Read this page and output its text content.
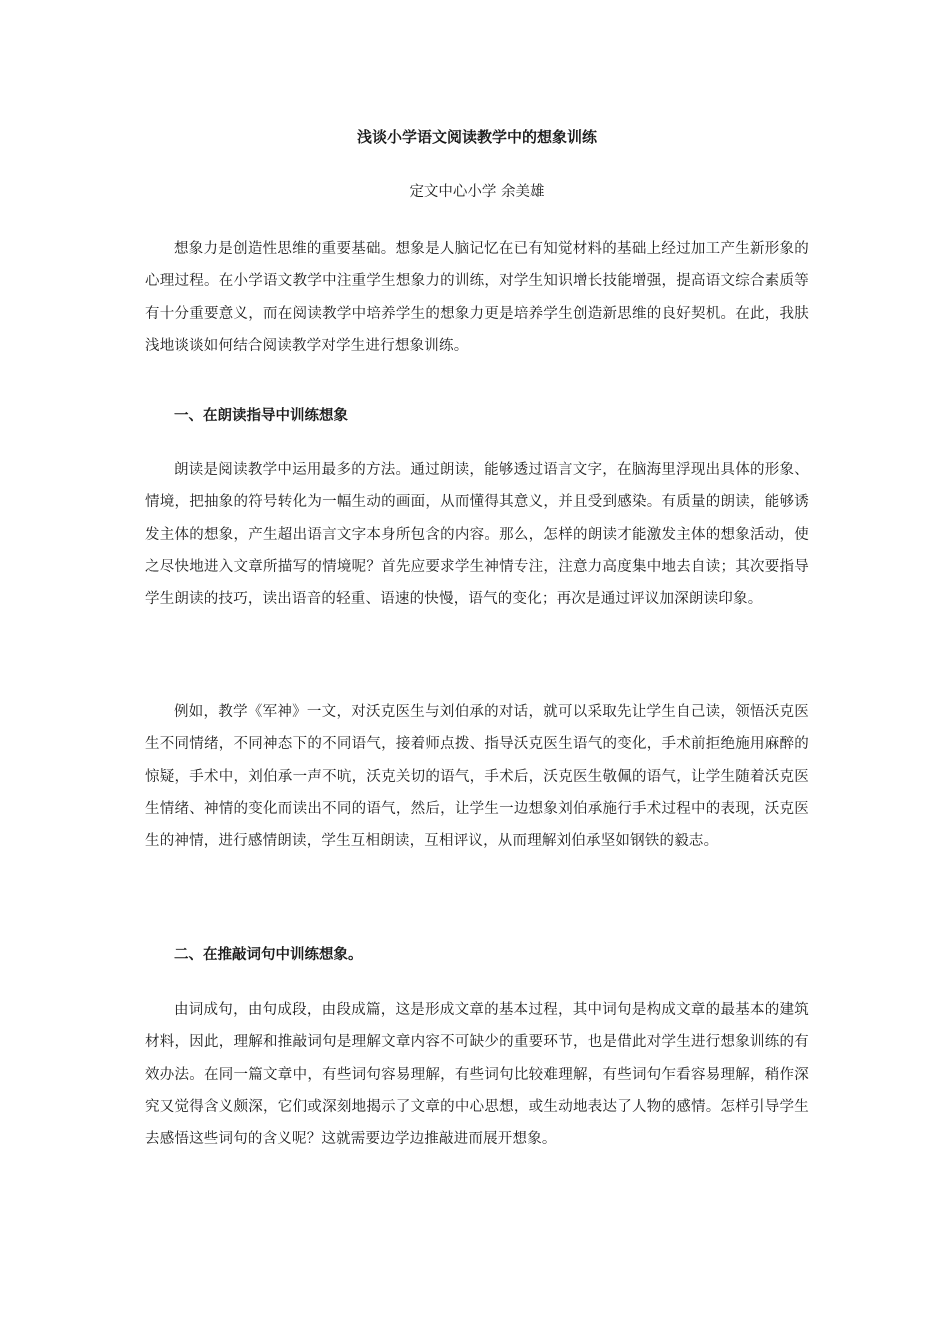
浅谈小学语文阅读教学中的想象训练

定文中心小学 余美雄

想象力是创造性思维的重要基础。想象是人脑记忆在已有知觉材料的基础上经过加工产生新形象的心理过程。在小学语文教学中注重学生想象力的训练，对学生知识增长技能增强，提高语文综合素质等有十分重要意义，而在阅读教学中培养学生的想象力更是培养学生创造新思维的良好契机。在此，我肤浅地谈谈如何结合阅读教学对学生进行想象训练。

一、在朗读指导中训练想象

朗读是阅读教学中运用最多的方法。通过朗读，能够透过语言文字，在脑海里浮现出具体的形象、情境，把抽象的符号转化为一幅生动的画面，从而懂得其意义，并且受到感染。有质量的朗读，能够诱发主体的想象，产生超出语言文字本身所包含的内容。那么，怎样的朗读才能激发主体的想象活动，使之尽快地进入文章所描写的情境呢？首先应要求学生神情专注，注意力高度集中地去自读；其次要指导学生朗读的技巧，读出语音的轻重、语速的快慢，语气的变化；再次是通过评议加深朗读印象。

例如，教学《军神》一文，对沃克医生与刘伯承的对话，就可以采取先让学生自己读，领悟沃克医生不同情绪，不同神态下的不同语气，接着师点拨、指导沃克医生语气的变化，手术前拒绝施用麻醉的惊疑，手术中，刘伯承一声不吭，沃克关切的语气，手术后，沃克医生敬佩的语气，让学生随着沃克医生情绪、神情的变化而读出不同的语气，然后，让学生一边想象刘伯承施行手术过程中的表现，沃克医生的神情，进行感情朗读，学生互相朗读，互相评议，从而理解刘伯承坚如钢铁的毅志。

二、在推敲词句中训练想象。

由词成句，由句成段，由段成篇，这是形成文章的基本过程，其中词句是构成文章的最基本的建筑材料，因此，理解和推敲词句是理解文章内容不可缺少的重要环节，也是借此对学生进行想象训练的有效办法。在同一篇文章中，有些词句容易理解，有些词句比较难理解，有些词句乍看容易理解，稍作深究又觉得含义颇深，它们或深刻地揭示了文章的中心思想，或生动地表达了人物的感情。怎样引导学生去感悟这些词句的含义呢？这就需要边学边推敲进而展开想象。
